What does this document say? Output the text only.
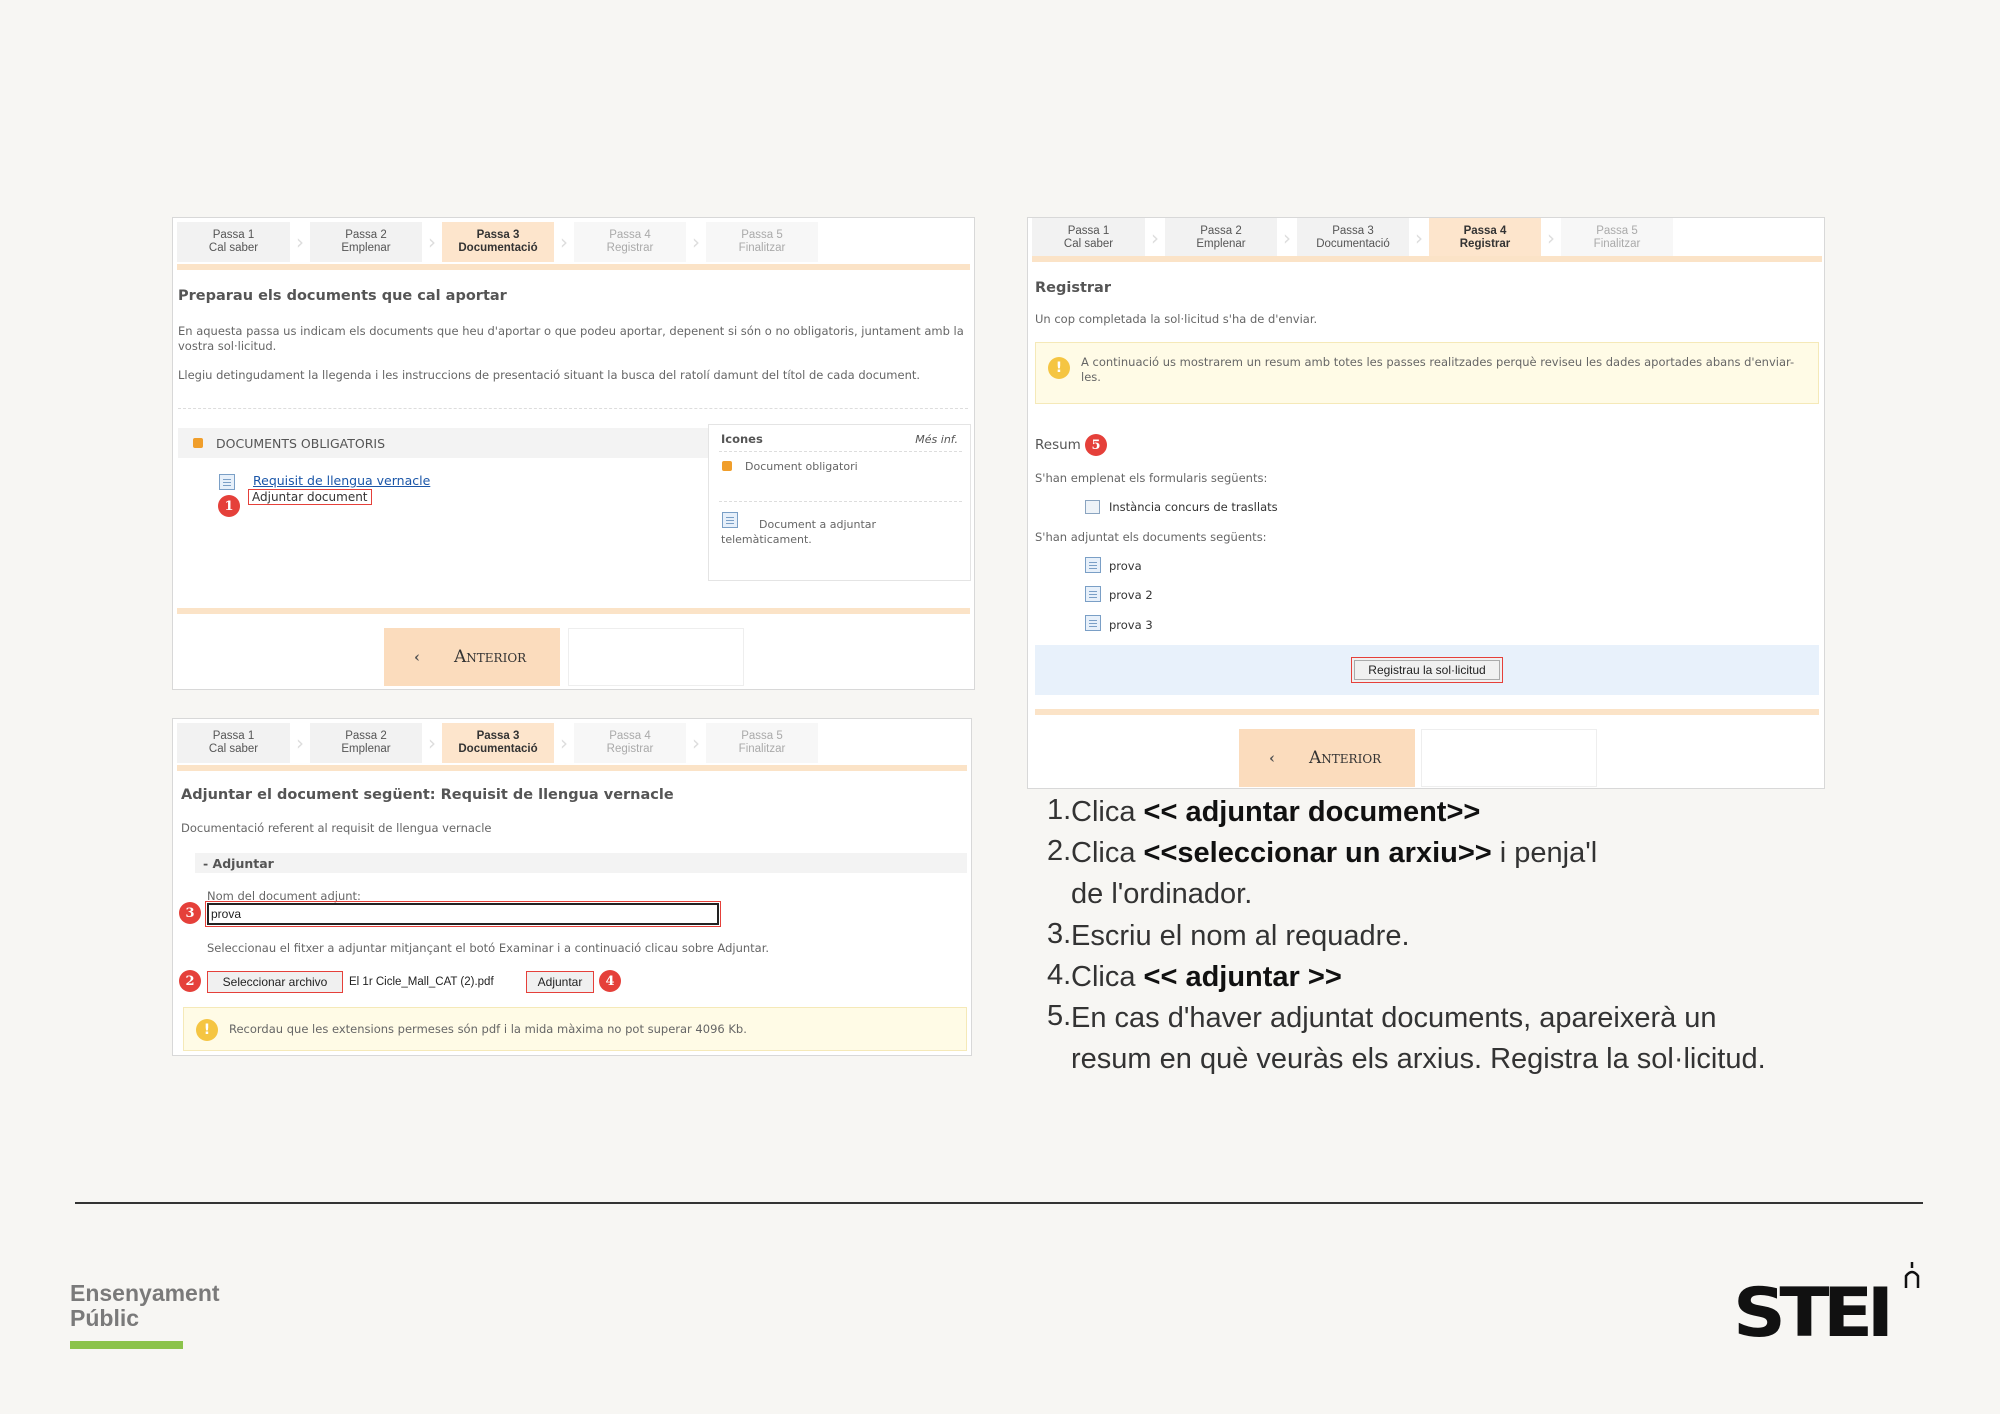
Passa 1
Cal saber ›	Passa 2
Emplenar ›	Passa 3
Documentació ›	Passa 4
Registrar ›	Passa 5
Finalitzar
Preparau els documents que cal aportar
En aquesta passa us indicam els documents que heu d'aportar o que podeu aportar, depenent si són o no obligatoris, juntament amb la vostra sol·licitud.
Llegiu detingudament la llegenda i les instruccions de presentació situant la busca del ratolí damunt del títol de cada document.
DOCUMENTS OBLIGATORIS
Requisit de llengua vernacle
Adjuntar document
1
Icones	Més inf.
Document obligatori
Document a adjuntar telemàticament.
‹ Anterior
Passa 1
Cal saber ›	Passa 2
Emplenar ›	Passa 3
Documentació ›	Passa 4
Registrar ›	Passa 5
Finalitzar
Adjuntar el document següent: Requisit de llengua vernacle
Documentació referent al requisit de llengua vernacle
- Adjuntar
Nom del document adjunt:
3	prova
Seleccionau el fitxer a adjuntar mitjançant el botó Examinar i a continuació clicau sobre Adjuntar.
2	Seleccionar archivo	El 1r Cicle_Mall_CAT (2).pdf	Adjuntar	4
!	Recordau que les extensions permeses són pdf i la mida màxima no pot superar 4096 Kb.
Passa 1
Cal saber ›	Passa 2
Emplenar ›	Passa 3
Documentació ›	Passa 4
Registrar ›	Passa 5
Finalitzar
Registrar
Un cop completada la sol·licitud s'ha de d'enviar.
!	A continuació us mostrarem un resum amb totes les passes realitzades perquè reviseu les dades aportades abans d'enviar-les.
Resum 5
S'han emplenat els formularis següents:
Instància concurs de trasllats
S'han adjuntat els documents següents:
prova
prova 2
prova 3
Registrau la sol·licitud
‹ Anterior
1. Clica << adjuntar document>>
2. Clica <<seleccionar un arxiu>> i penja'l de l'ordinador.
3. Escriu el nom al requadre.
4. Clica << adjuntar >>
5. En cas d'haver adjuntat documents, apareixerà un resum en què veuràs els arxius. Registra la sol·licitud.
Ensenyament
Públic	STEI
